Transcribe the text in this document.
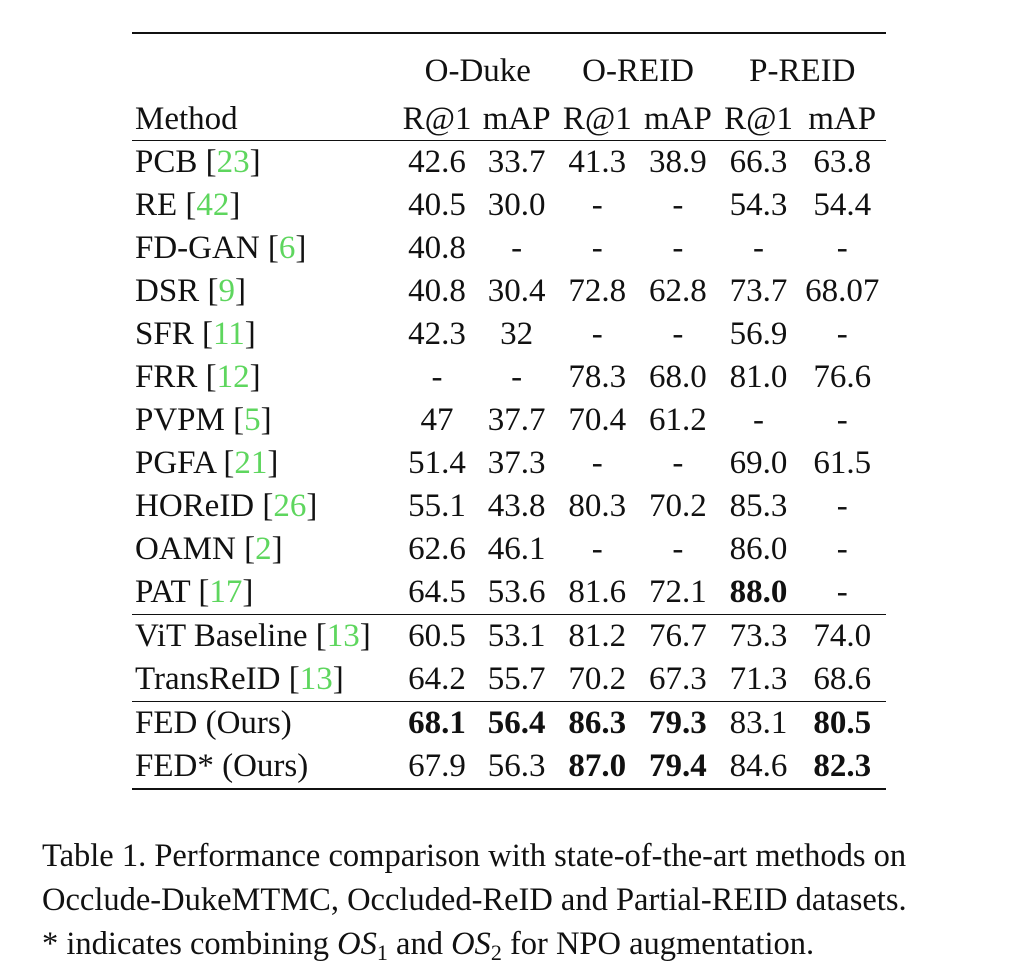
	O-Duke		O-REID		P-REID	
Method	R@1	mAP	R@1	mAP	R@1	mAP
PCB [23]	42.6	33.7	41.3	38.9	66.3	63.8
RE [42]	40.5	30.0	-	-	54.3	54.4
FD-GAN [6]	40.8	-	-	-	-	-
DSR [9]	40.8	30.4	72.8	62.8	73.7	68.07
SFR [11]	42.3	32	-	-	56.9	-
FRR [12]	-	-	78.3	68.0	81.0	76.6
PVPM [5]	47	37.7	70.4	61.2	-	-
PGFA [21]	51.4	37.3	-	-	69.0	61.5
HOReID [26]	55.1	43.8	80.3	70.2	85.3	-
OAMN [2]	62.6	46.1	-	-	86.0	-
PAT [17]	64.5	53.6	81.6	72.1	88.0	-
ViT Baseline [13]	60.5	53.1	81.2	76.7	73.3	74.0
TransReID [13]	64.2	55.7	70.2	67.3	71.3	68.6
FED (Ours)	68.1	56.4	86.3	79.3	83.1	80.5
FED* (Ours)	67.9	56.3	87.0	79.4	84.6	82.3
Table 1. Performance comparison with state-of-the-art methods on
Occlude-DukeMTMC, Occluded-ReID and Partial-REID datasets.
* indicates combining $OS_1$ and $OS_2$ for NPO augmentation.
